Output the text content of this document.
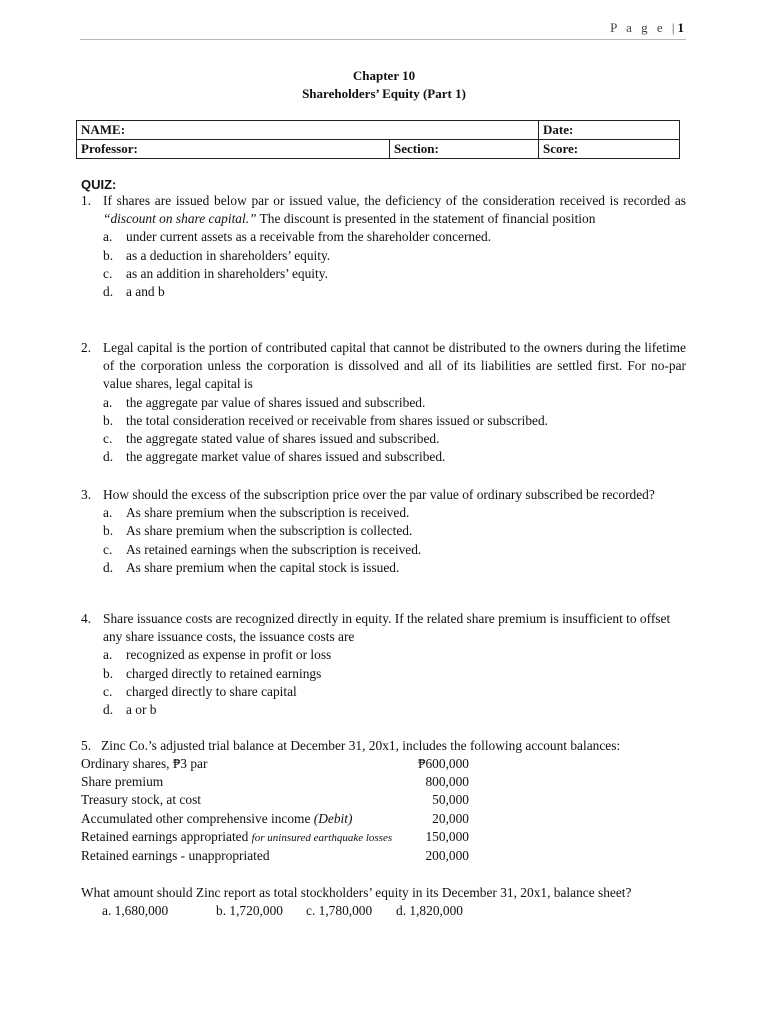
P a g e |1
Chapter 10
Shareholders’ Equity (Part 1)
NAME:		Date:
Professor:	Section:	Score:
QUIZ:
1. If shares are issued below par or issued value, the deficiency of the consideration received is recorded as “discount on share capital.” The discount is presented in the statement of financial position
a.	under current assets as a receivable from the shareholder concerned.
b. as a deduction in shareholders’ equity.
c.	as an addition in shareholders’ equity.
d. a and b
2. Legal capital is the portion of contributed capital that cannot be distributed to the owners during the lifetime of the corporation unless the corporation is dissolved and all of its liabilities are settled first. For no-par value shares, legal capital is
a.	the aggregate par value of shares issued and subscribed.
b. the total consideration received or receivable from shares issued or subscribed.
c.	the aggregate stated value of shares issued and subscribed.
d. the aggregate market value of shares issued and subscribed.
3. How should the excess of the subscription price over the par value of ordinary subscribed be recorded?
a.	As share premium when the subscription is received.
b. As share premium when the subscription is collected.
c.	As retained earnings when the subscription is received.
d. As share premium when the capital stock is issued.
4. Share issuance costs are recognized directly in equity. If the related share premium is insufficient to offset any share issuance costs, the issuance costs are
a.	recognized as expense in profit or loss
b. charged directly to retained earnings
c.	charged directly to share capital
d. a or b
5. Zinc Co.’s adjusted trial balance at December 31, 20x1, includes the following account balances:
Ordinary shares, ₱3 par	₱600,000
Share premium	800,000
Treasury stock, at cost	50,000
Accumulated other comprehensive income (Debit)	20,000
Retained earnings appropriated for uninsured earthquake losses	150,000
Retained earnings - unappropriated	200,000
What amount should Zinc report as total stockholders’ equity in its December 31, 20x1, balance sheet?
a. 1,680,000	b. 1,720,000 c. 1,780,000 d. 1,820,000
